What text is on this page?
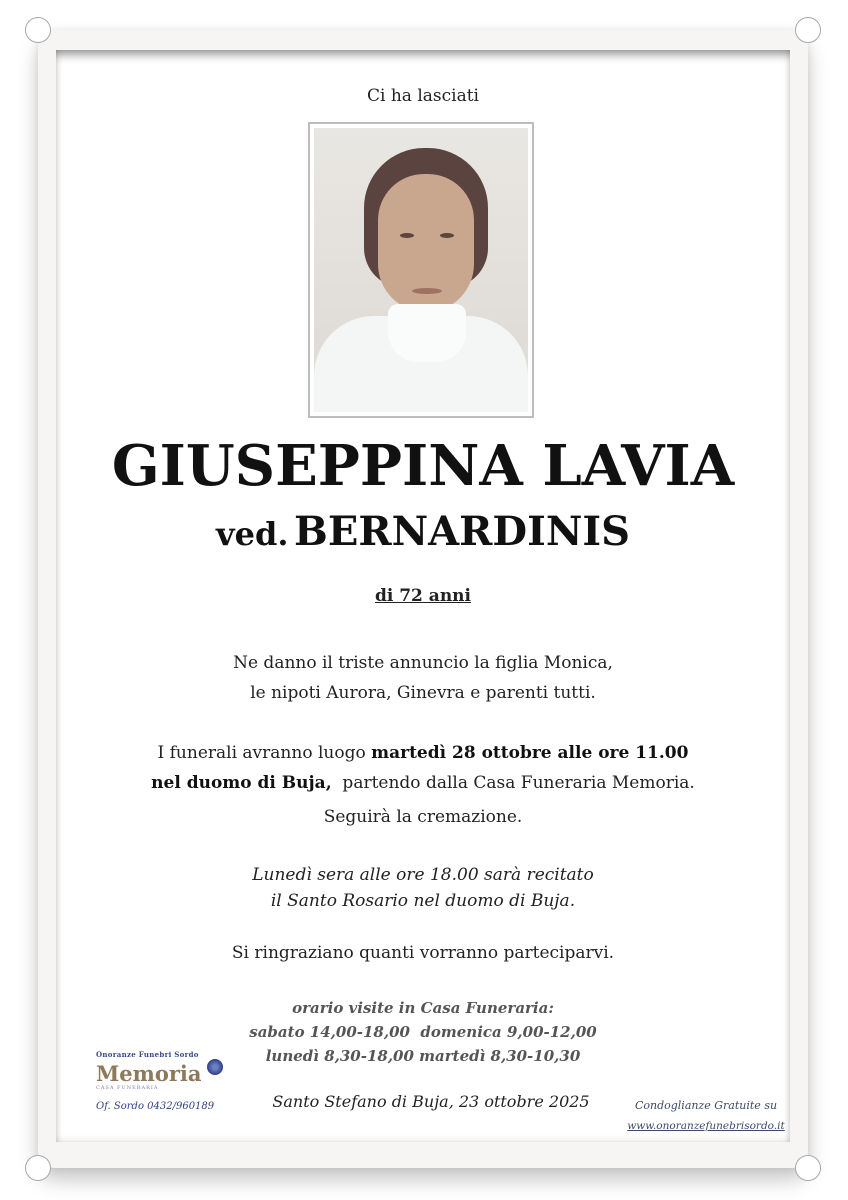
Ci ha lasciati
GIUSEPPINA LAVIA
ved. BERNARDINIS
di 72 anni
Ne danno il triste annuncio la figlia Monica,
le nipoti Aurora, Ginevra e parenti tutti.
I funerali avranno luogo martedì 28 ottobre alle ore 11.00
nel duomo di Buja,  partendo dalla Casa Funeraria Memoria.
Seguirà la cremazione.
Lunedì sera alle ore 18.00 sarà recitato
il Santo Rosario nel duomo di Buja.
Si ringraziano quanti vorranno parteciparvi.
orario visite in Casa Funeraria:
sabato 14,00-18,00  domenica 9,00-12,00
lunedì 8,30-18,00 martedì 8,30-10,30
Onoranze Funebri Sordo
Memoria
CASA FUNERARIA
Of. Sordo 0432/960189	Santo Stefano di Buja, 23 ottobre 2025	Condoglianze Gratuite su
www.onoranzefunebrisordo.it
